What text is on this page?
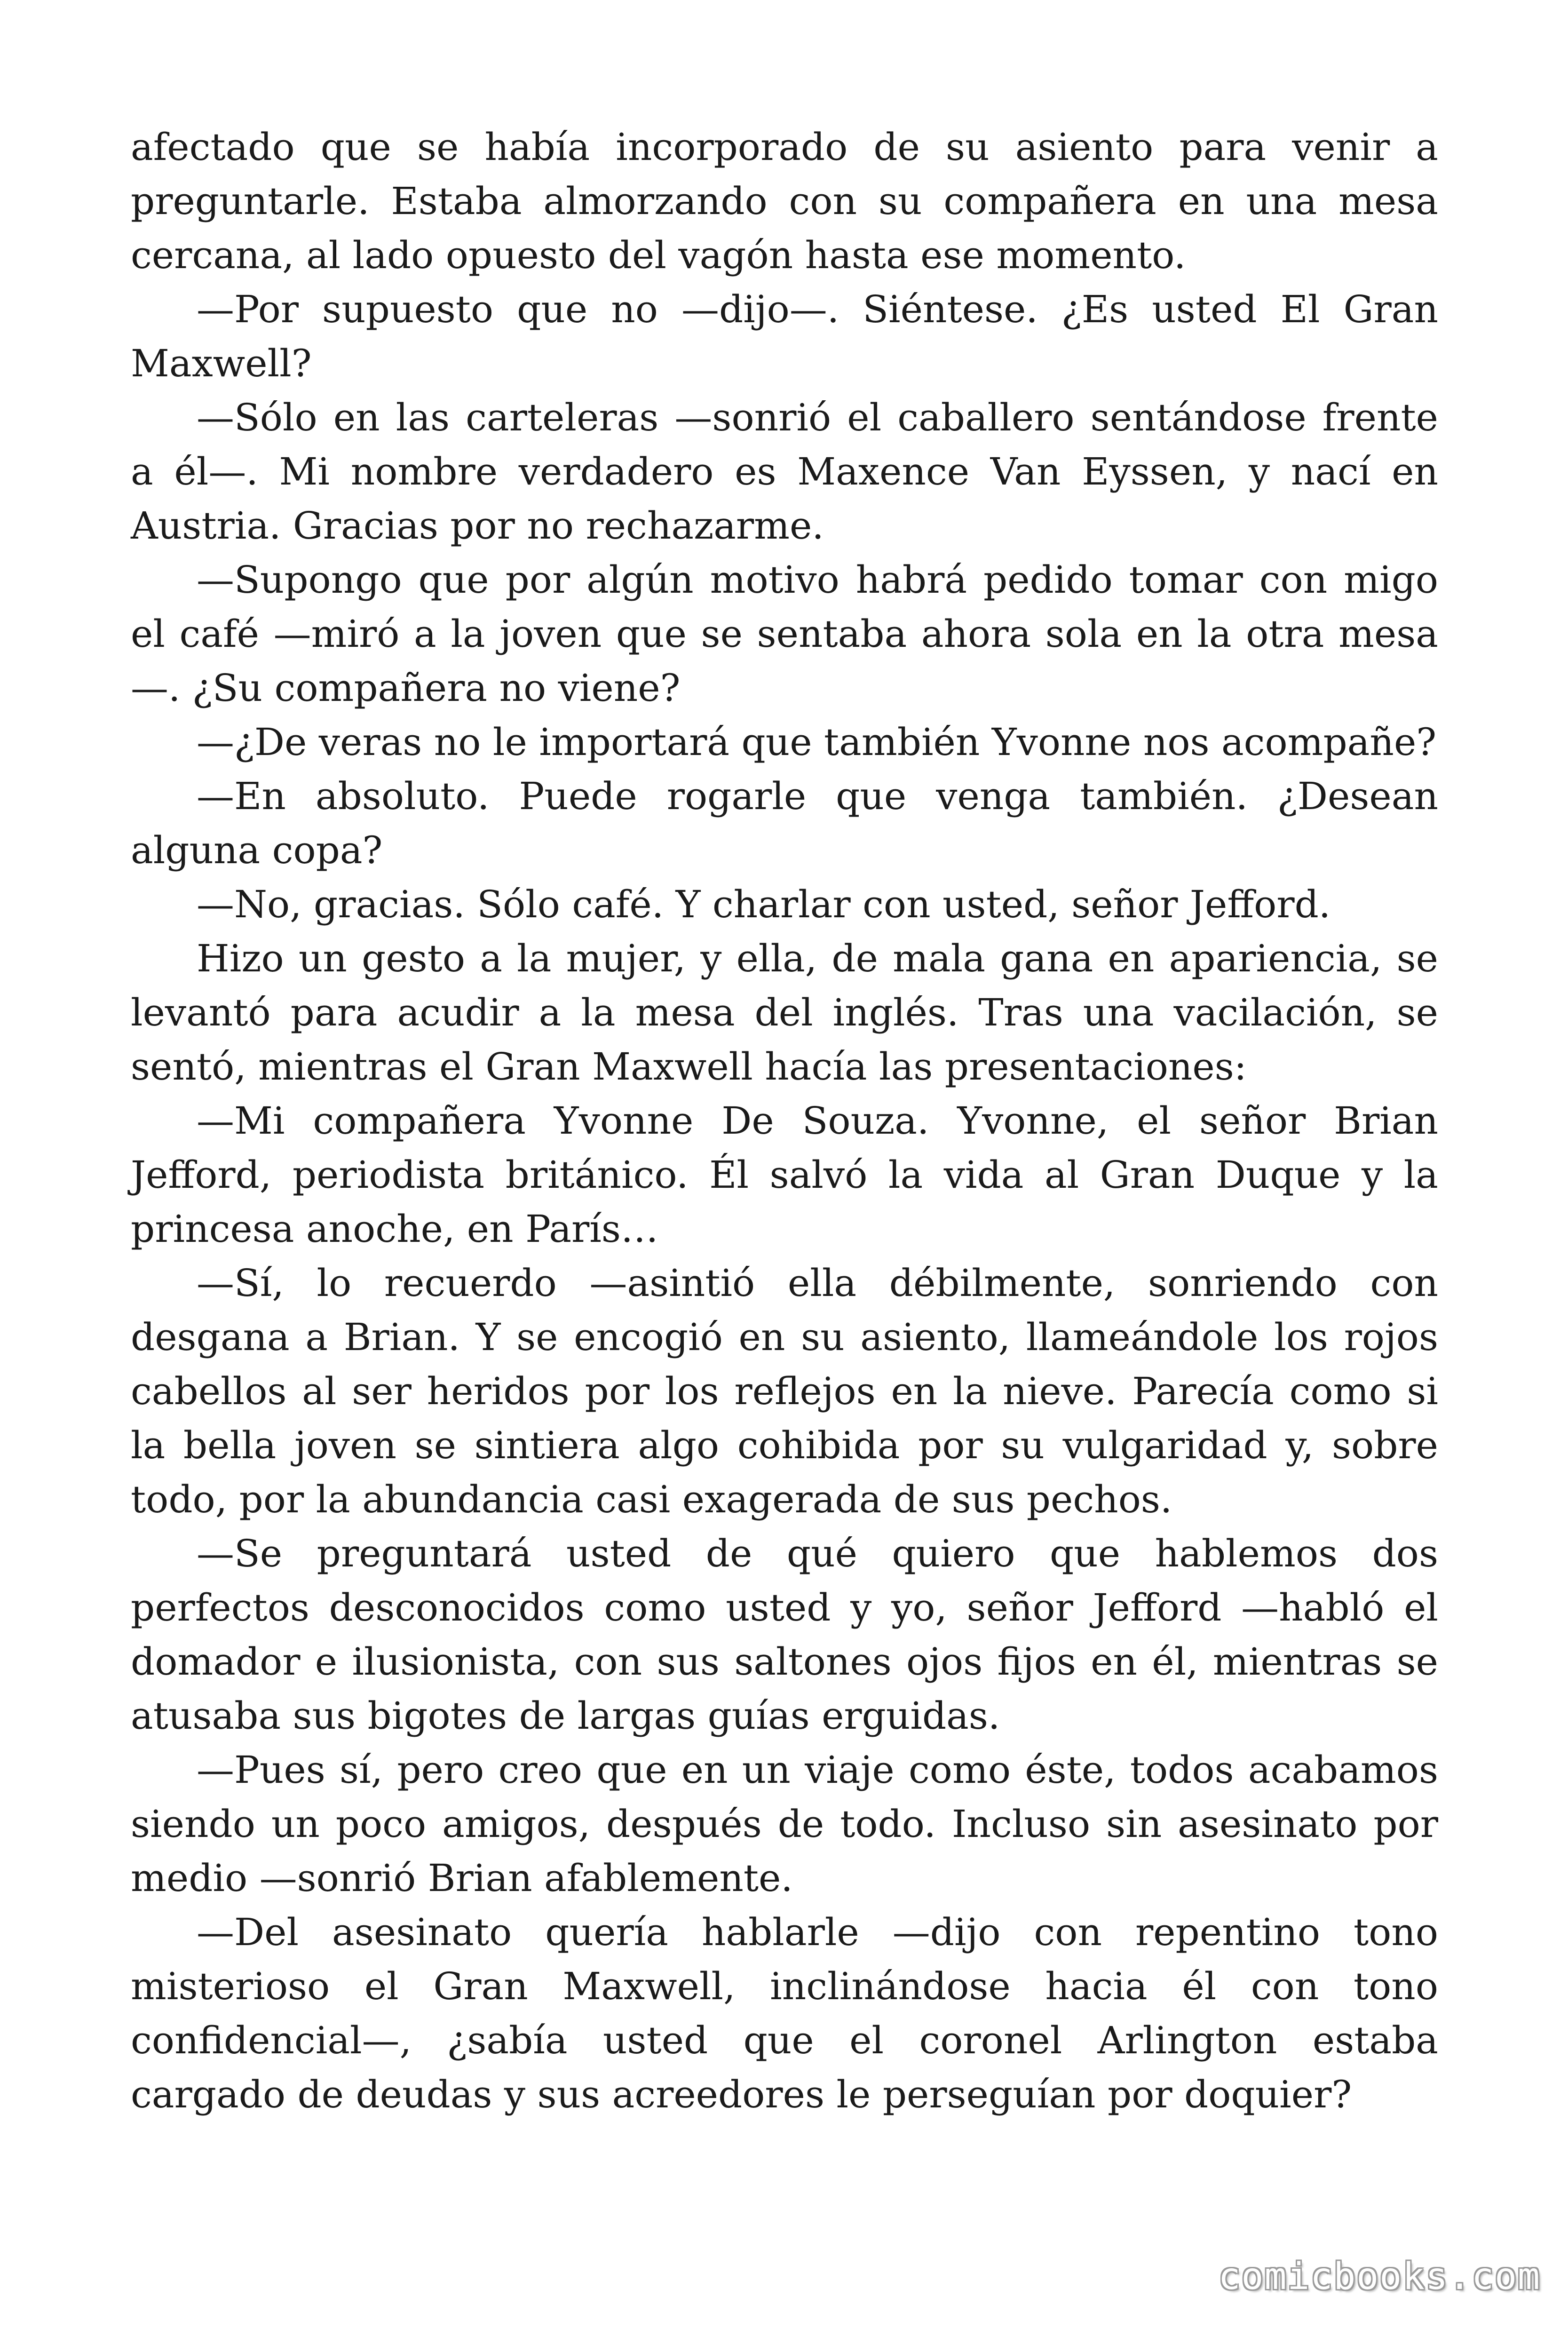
afectado que se había incorporado de su asiento para venir a preguntarle. Estaba almorzando con su compañera en una mesa cercana, al lado opuesto del vagón hasta ese momento.

—Por supuesto que no —dijo—. Siéntese. ¿Es usted El Gran Maxwell?

—Sólo en las carteleras —sonrió el caballero sentándose frente a él—. Mi nombre verdadero es Maxence Van Eyssen, y nací en Austria. Gracias por no rechazarme.

—Supongo que por algún motivo habrá pedido tomar con migo el café —miró a la joven que se sentaba ahora sola en la otra mesa —. ¿Su compañera no viene?

—¿De veras no le importará que también Yvonne nos acompañe?

—En absoluto. Puede rogarle que venga también. ¿Desean alguna copa?

—No, gracias. Sólo café. Y charlar con usted, señor Jefford.

Hizo un gesto a la mujer, y ella, de mala gana en apariencia, se levantó para acudir a la mesa del inglés. Tras una vacilación, se sentó, mientras el Gran Maxwell hacía las presentaciones:

—Mi compañera Yvonne De Souza. Yvonne, el señor Brian Jefford, periodista británico. Él salvó la vida al Gran Duque y la princesa anoche, en París…

—Sí, lo recuerdo —asintió ella débilmente, sonriendo con desgana a Brian. Y se encogió en su asiento, llameándole los rojos cabellos al ser heridos por los reflejos en la nieve. Parecía como si la bella joven se sintiera algo cohibida por su vulgaridad y, sobre todo, por la abundancia casi exagerada de sus pechos.

—Se preguntará usted de qué quiero que hablemos dos perfectos desconocidos como usted y yo, señor Jefford —habló el domador e ilusionista, con sus saltones ojos fijos en él, mientras se atusaba sus bigotes de largas guías erguidas.

—Pues sí, pero creo que en un viaje como éste, todos acabamos siendo un poco amigos, después de todo. Incluso sin asesinato por medio —sonrió Brian afablemente.

—Del asesinato quería hablarle —dijo con repentino tono misterioso el Gran Maxwell, inclinándose hacia él con tono confidencial—, ¿sabía usted que el coronel Arlington estaba cargado de deudas y sus acreedores le perseguían por doquier?

comicbooks.com
